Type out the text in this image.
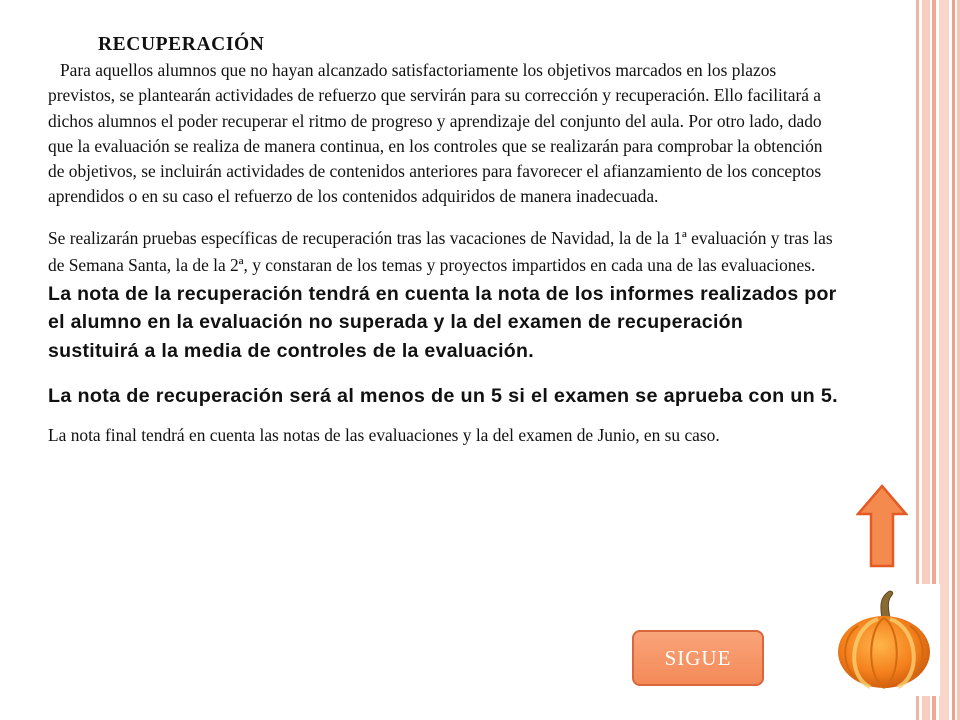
RECUPERACIÓN

Para aquellos alumnos que no hayan alcanzado satisfactoriamente los objetivos marcados en los plazos previstos, se plantearán actividades de refuerzo que servirán para su corrección y recuperación. Ello facilitará a dichos alumnos el poder recuperar el ritmo de progreso y aprendizaje del conjunto del aula. Por otro lado, dado que la evaluación se realiza de manera continua, en los controles que se realizarán para comprobar la obtención de objetivos, se incluirán actividades de contenidos anteriores para favorecer el afianzamiento de los conceptos aprendidos o en su caso el refuerzo de los contenidos adquiridos de manera inadecuada.

Se realizarán pruebas específicas de recuperación tras las vacaciones de Navidad, la de la 1ª evaluación y tras las de Semana Santa, la de la 2ª, y constaran de los temas y proyectos impartidos en cada una de las evaluaciones. La nota de la recuperación tendrá en cuenta la nota de los informes realizados por el alumno en la evaluación no superada y la del examen de recuperación sustituirá a la media de controles de la evaluación.

La nota de recuperación será al menos de un 5 si el examen se aprueba con un 5.

La nota final tendrá en cuenta las notas de las evaluaciones y la del examen de Junio, en su caso.

SIGUE
